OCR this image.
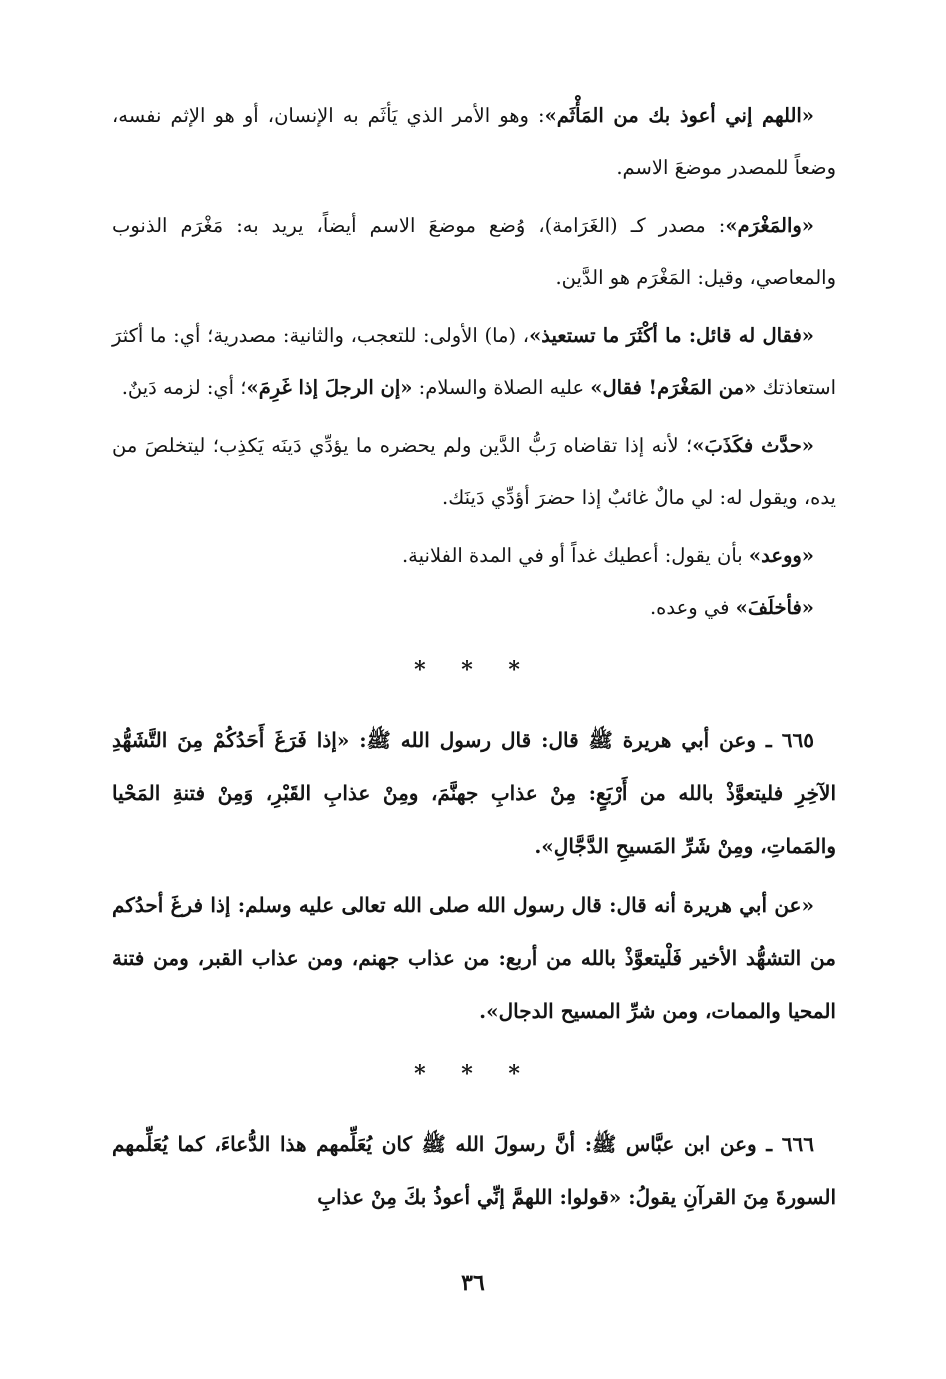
«اللهم إني أعوذ بك من المَأْثَم»: وهو الأمر الذي يَأثَم به الإنسان، أو هو الإثم نفسه، وضعاً للمصدر موضعَ الاسم.

«والمَغْرَم»: مصدر كـ (الغَرَامة)، وُضع موضعَ الاسم أيضاً، يريد به: مَغْرَم الذنوب والمعاصي، وقيل: المَغْرَم هو الدَّين.

«فقال له قائل: ما أكْثَرَ ما تستعيذ»، (ما) الأولى: للتعجب، والثانية: مصدرية؛ أي: ما أكثرَ استعاذتك «من المَغْرَم! فقال» عليه الصلاة والسلام: «إن الرجلَ إذا غَرِمَ»؛ أي: لزمه دَينٌ.

«حدَّث فكَذَبَ»؛ لأنه إذا تقاضاه رَبُّ الدَّين ولم يحضره ما يؤدِّي دَينَه يَكذِب؛ ليتخلصَ من يده، ويقول له: لي مالٌ غائبٌ إذا حضرَ أؤدِّي دَينَك.

«ووعد» بأن يقول: أعطيك غداً أو في المدة الفلانية.

«فأخلَفَ» في وعده.

* * *

٦٦٥ ـ وعن أبي هريرة ﷺ قال: قال رسول الله ﷺ: «إذا فَرَغَ أَحَدُكُمْ مِنَ التَّشَهُّدِ الآخِرِ فليتعوَّذْ بالله من أَرْبَعٍ: مِنْ عذابِ جهنَّمَ، ومِنْ عذابِ القَبْرِ، وَمِنْ فتنةِ المَحْيا والمَماتِ، ومِنْ شَرِّ المَسيحِ الدَّجَّالِ».

«عن أبي هريرة أنه قال: قال رسول الله صلى الله تعالى عليه وسلم: إذا فرغَ أحدُكم من التشهُّد الأخير فَلْيتعوَّذْ بالله من أربع: من عذاب جهنم، ومن عذاب القبر، ومن فتنة المحيا والممات، ومن شرِّ المسيح الدجال».

* * *

٦٦٦ ـ وعن ابن عبَّاس ﷺ: أنَّ رسولَ الله ﷺ كان يُعَلِّمهم هذا الدُّعاءَ، كما يُعَلِّمهم السورةَ مِنَ القرآنِ يقولُ: «قولوا: اللهمَّ إنِّي أعوذُ بكَ مِنْ عذابِ

٣٦
